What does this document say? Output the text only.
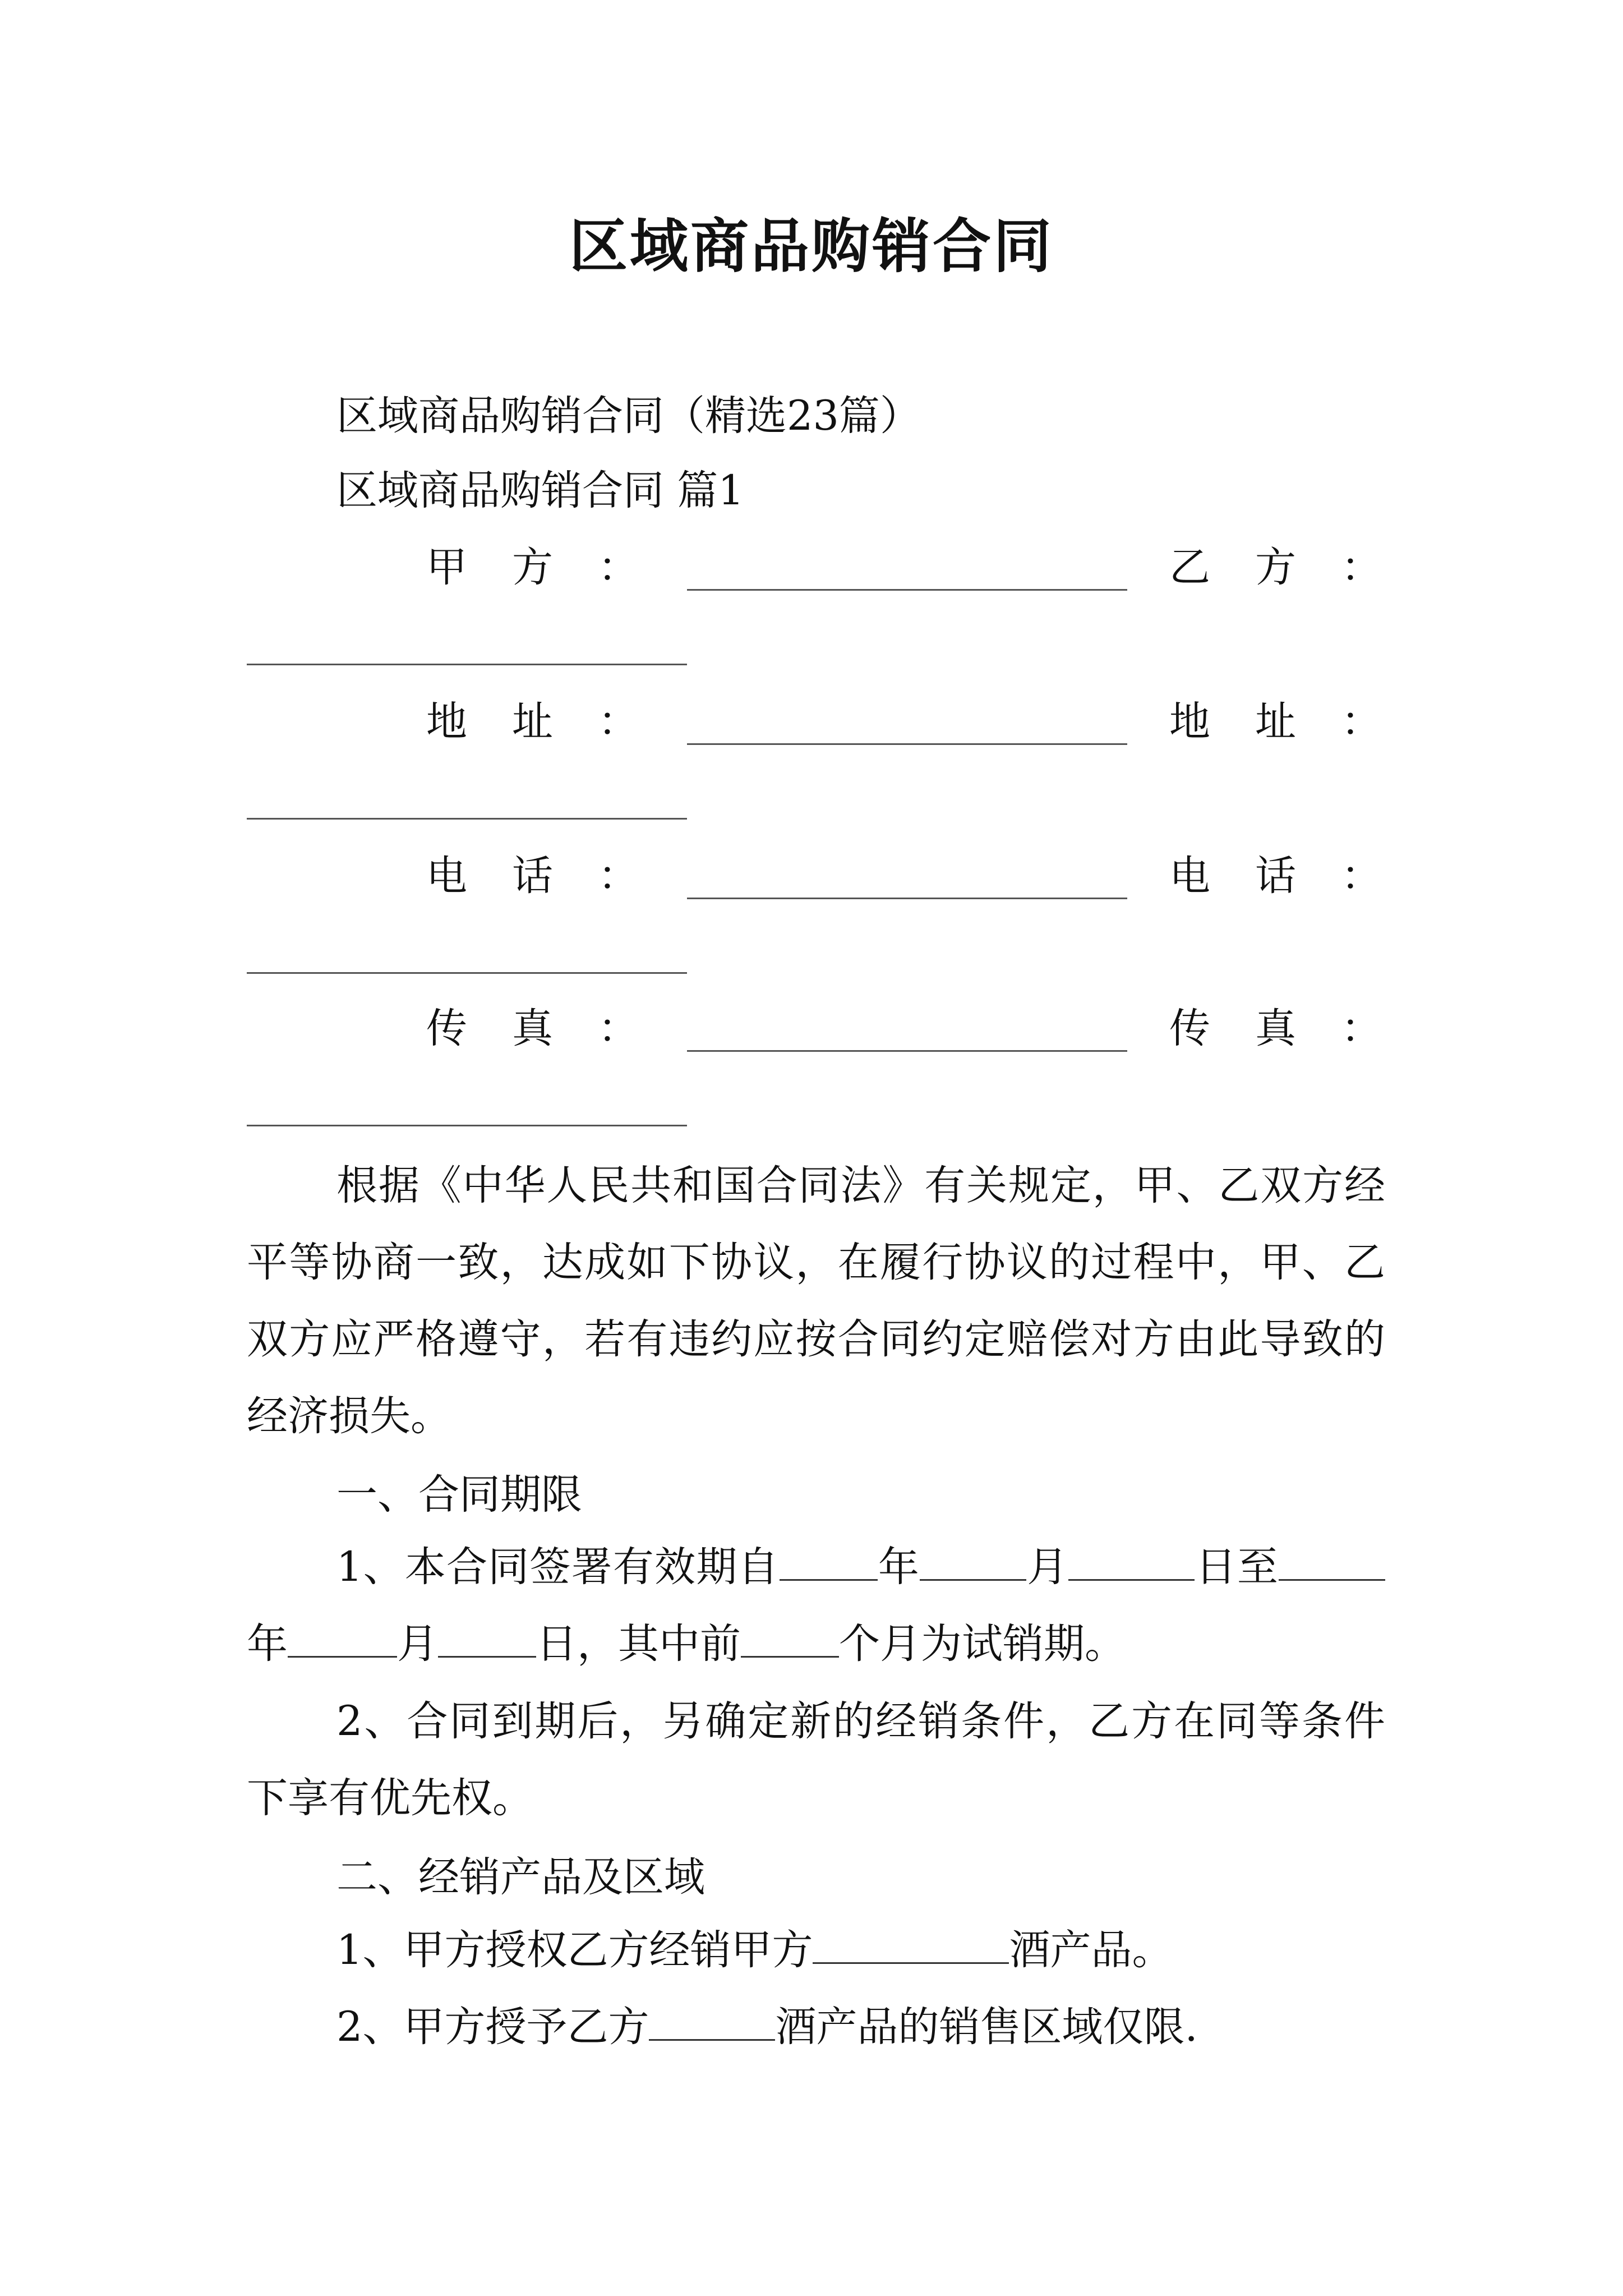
区域商品购销合同
区域商品购销合同（精选23篇）
区域商品购销合同 篇1
甲方：	乙方：
地址：	地址：
电话：	电话：
传真：	传真：
根据《中华人民共和国合同法》有关规定，甲、乙双方经平等协商一致，达成如下协议，在履行协议的过程中，甲、乙双方应严格遵守，若有违约应按合同约定赔偿对方由此导致的经济损失。
一、合同期限
1、本合同签署有效期自 年	月	日至年	月 日，其中前 个月为试销期。
2、合同到期后，另确定新的经销条件，乙方在同等条件下享有优先权。
二、经销产品及区域
1、甲方授权乙方经销甲方	酒产品。
2、甲方授予乙方	酒产品的销售区域仅限.
